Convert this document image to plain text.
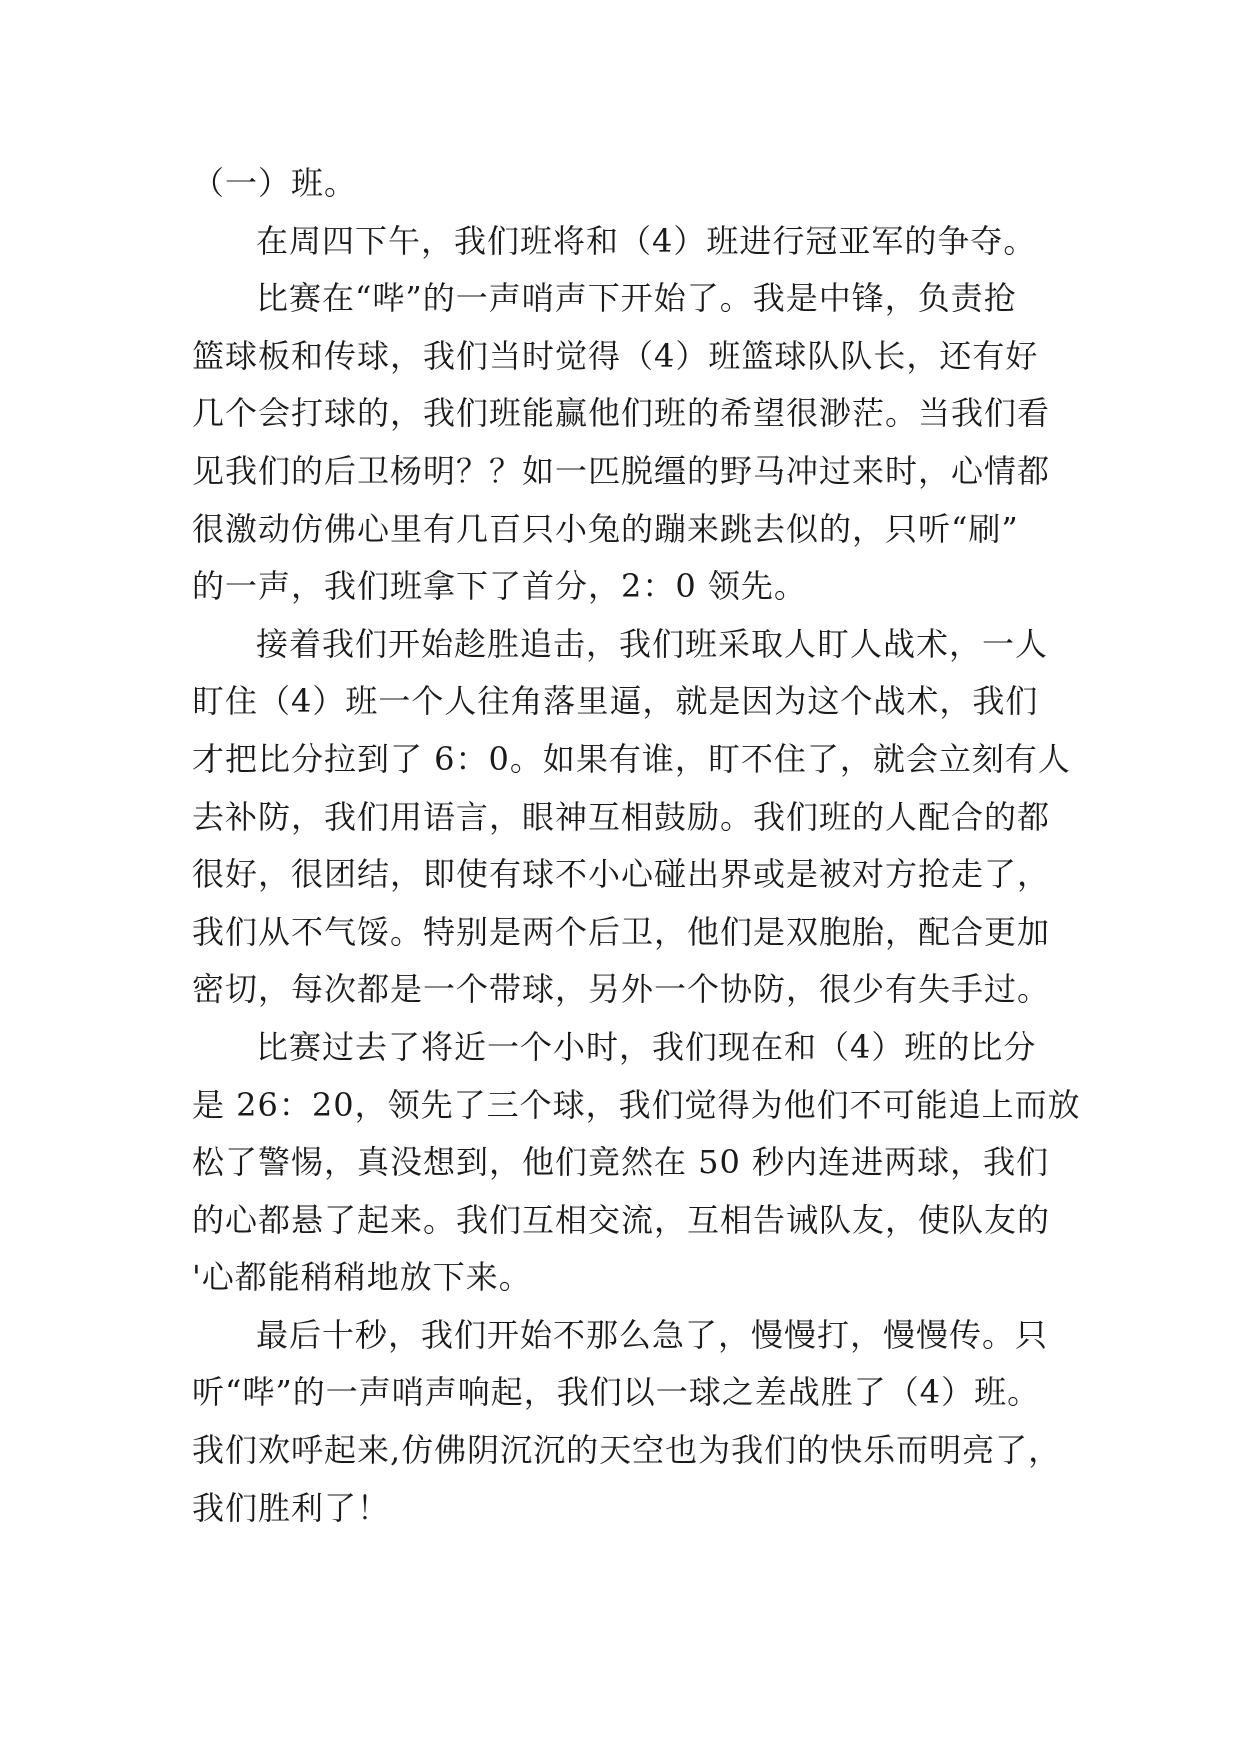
（一）班。
在周四下午，我们班将和（4）班进行冠亚军的争夺。
比赛在“哔”的一声哨声下开始了。我是中锋，负责抢
篮球板和传球，我们当时觉得（4）班篮球队队长，还有好
几个会打球的，我们班能赢他们班的希望很渺茫。当我们看
见我们的后卫杨明？？如一匹脱缰的野马冲过来时，心情都
很激动仿佛心里有几百只小兔的蹦来跳去似的，只听“刷”
的一声，我们班拿下了首分，2：0 领先。
接着我们开始趁胜追击，我们班采取人盯人战术，一人
盯住（4）班一个人往角落里逼，就是因为这个战术，我们
才把比分拉到了 6：0。如果有谁，盯不住了，就会立刻有人
去补防，我们用语言，眼神互相鼓励。我们班的人配合的都
很好，很团结，即使有球不小心碰出界或是被对方抢走了，
我们从不气馁。特别是两个后卫，他们是双胞胎，配合更加
密切，每次都是一个带球，另外一个协防，很少有失手过。
比赛过去了将近一个小时，我们现在和（4）班的比分
是 26：20，领先了三个球，我们觉得为他们不可能追上而放
松了警惕，真没想到，他们竟然在 50 秒内连进两球，我们
的心都悬了起来。我们互相交流，互相告诫队友，使队友的
'心都能稍稍地放下来。
最后十秒，我们开始不那么急了，慢慢打，慢慢传。只
听“哔”的一声哨声响起，我们以一球之差战胜了（4）班。
我们欢呼起来,仿佛阴沉沉的天空也为我们的快乐而明亮了，
我们胜利了！
